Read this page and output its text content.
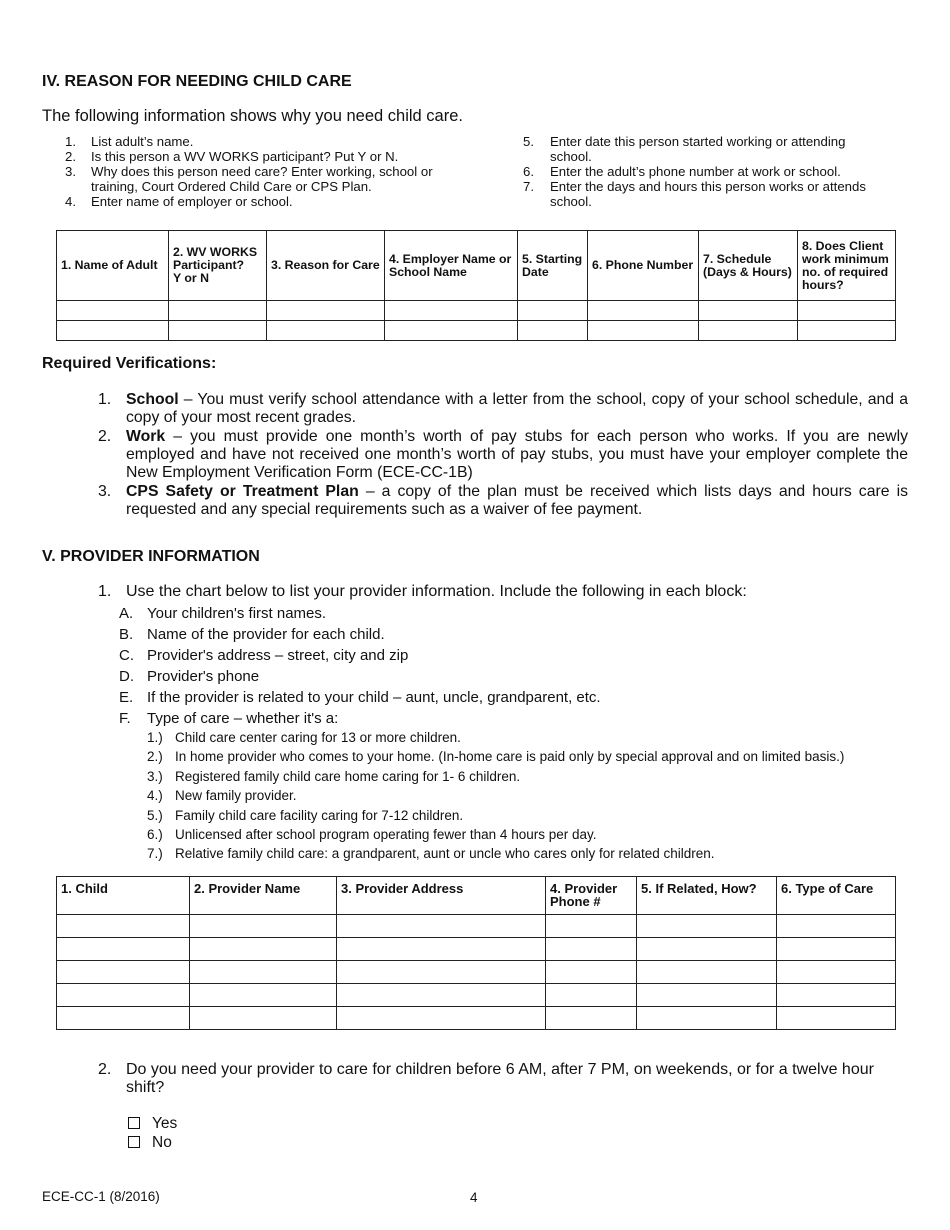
IV. REASON FOR NEEDING CHILD CARE
The following information shows why you need child care.
1. List adult’s name.
2. Is this person a WV WORKS participant? Put Y or N.
3. Why does this person need care? Enter working, school or training, Court Ordered Child Care or CPS Plan.
4. Enter name of employer or school.
5. Enter date this person started working or attending school.
6. Enter the adult’s phone number at work or school.
7. Enter the days and hours this person works or attends school.
1. Name of Adult	2. WV WORKS
Participant?
Y or N	3. Reason for Care	4. Employer Name or
School Name	5. Starting
Date	6. Phone Number	7. Schedule
(Days & Hours)	8. Does Client
work minimum
no. of required
hours?

Required Verifications:
1. School – You must verify school attendance with a letter from the school, copy of your school schedule, and a copy of your most recent grades.
2. Work – you must provide one month’s worth of pay stubs for each person who works. If you are newly employed and have not received one month’s worth of pay stubs, you must have your employer complete the New Employment Verification Form (ECE-CC-1B)
3. CPS Safety or Treatment Plan – a copy of the plan must be received which lists days and hours care is requested and any special requirements such as a waiver of fee payment.
V. PROVIDER INFORMATION
1. Use the chart below to list your provider information. Include the following in each block:
A. Your children's first names.
B. Name of the provider for each child.
C. Provider's address – street, city and zip
D. Provider's phone
E. If the provider is related to your child – aunt, uncle, grandparent, etc.
F. Type of care – whether it's a:
1.) Child care center caring for 13 or more children.
2.) In home provider who comes to your home. (In-home care is paid only by special approval and on limited basis.)
3.) Registered family child care home caring for 1- 6 children.
4.) New family provider.
5.) Family child care facility caring for 7-12 children.
6.) Unlicensed after school program operating fewer than 4 hours per day.
7.) Relative family child care: a grandparent, aunt or uncle who cares only for related children.
1. Child	2. Provider Name	3. Provider Address	4. Provider
Phone #	5. If Related, How?	6. Type of Care

2. Do you need your provider to care for children before 6 AM, after 7 PM, on weekends, or for a twelve hour shift?
Yes
No
ECE-CC-1 (8/2016)	4
